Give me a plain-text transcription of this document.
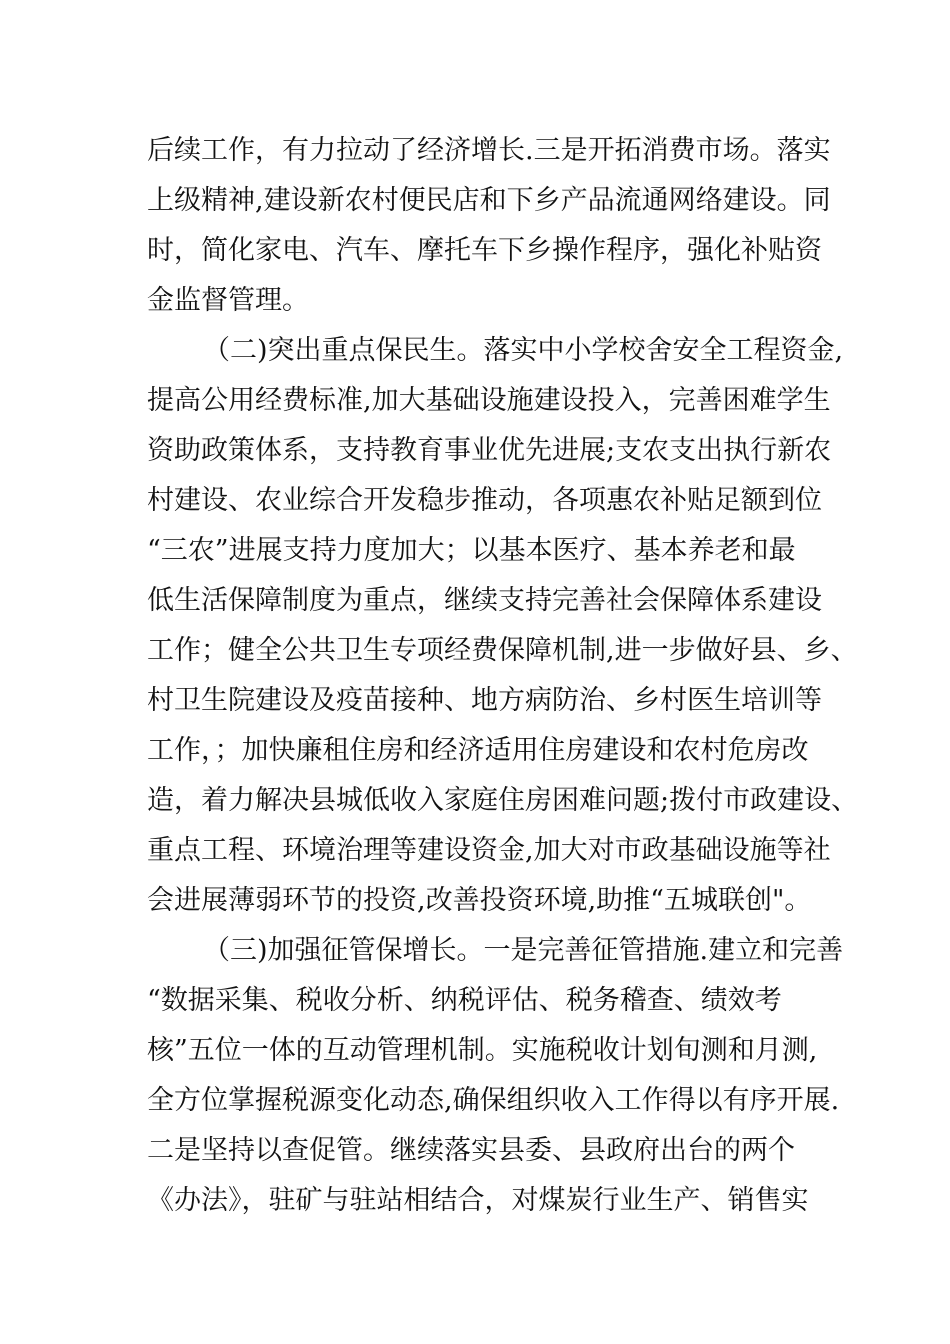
后续工作，有力拉动了经济增长.三是开拓消费市场。落实
上级精神,建设新农村便民店和下乡产品流通网络建设。同
时，简化家电、汽车、摩托车下乡操作程序，强化补贴资
金监督管理。
（二)突出重点保民生。落实中小学校舍安全工程资金,
提高公用经费标准,加大基础设施建设投入，完善困难学生
资助政策体系，支持教育事业优先进展;支农支出执行新农
村建设、农业综合开发稳步推动，各项惠农补贴足额到位
“三农”进展支持力度加大；以基本医疗、基本养老和最
低生活保障制度为重点，继续支持完善社会保障体系建设
工作；健全公共卫生专项经费保障机制,进一步做好县、乡、
村卫生院建设及疫苗接种、地方病防治、乡村医生培训等
工作，；加快廉租住房和经济适用住房建设和农村危房改
造，着力解决县城低收入家庭住房困难问题;拨付市政建设、
重点工程、环境治理等建设资金,加大对市政基础设施等社
会进展薄弱环节的投资,改善投资环境,助推“五城联创"。
（三)加强征管保增长。一是完善征管措施.建立和完善
“数据采集、税收分析、纳税评估、税务稽查、绩效考
核”五位一体的互动管理机制。实施税收计划旬测和月测,
全方位掌握税源变化动态,确保组织收入工作得以有序开展.
二是坚持以查促管。继续落实县委、县政府出台的两个
《办法》，驻矿与驻站相结合，对煤炭行业生产、销售实
